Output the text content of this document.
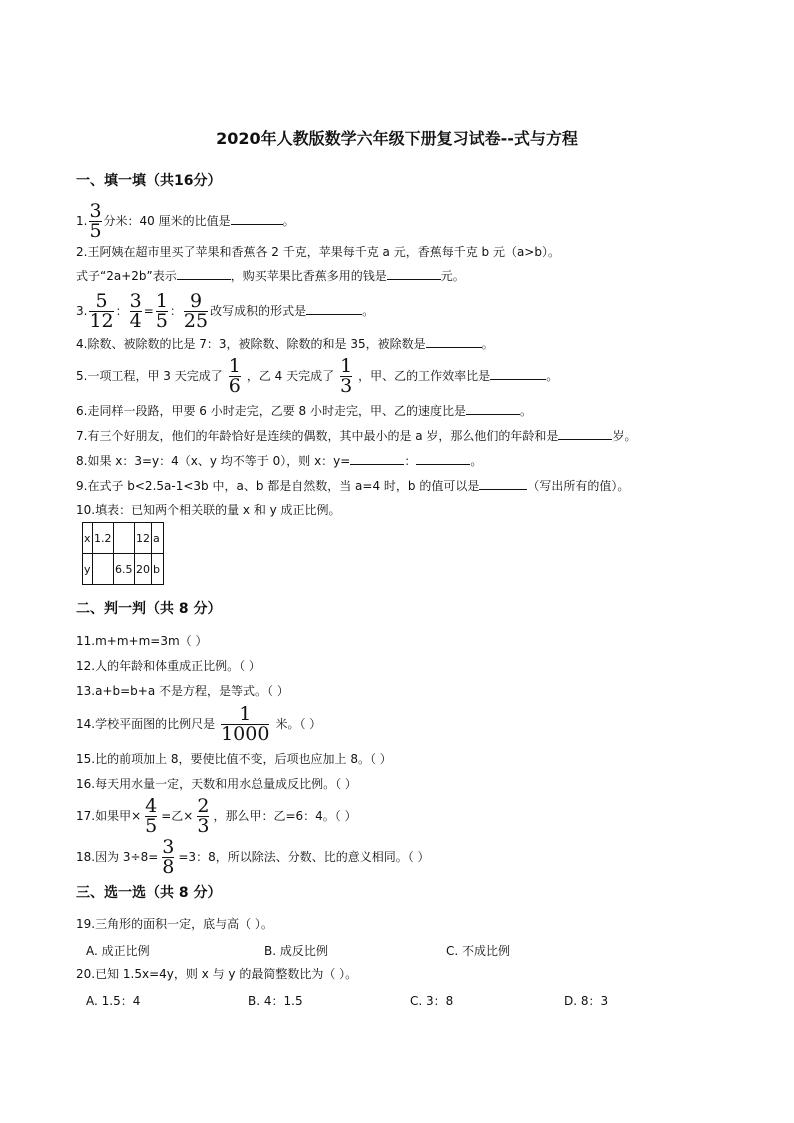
2020年人教版数学六年级下册复习试卷--式与方程
一、填一填（共16分）
1. $\frac{3}{5}$ 分米：40 厘米的比值是	。
2.王阿姨在超市里买了苹果和香蕉各 2 千克，苹果每千克 a 元，香蕉每千克 b 元（a>b）。
式子“2a+2b”表示	，购买苹果比香蕉多用的钱是	元。
3. $\frac{5}{12}$ ： $\frac{3}{4} = \frac{1}{5}$ ： $\frac{9}{25}$ 改写成积的形式是	。
4.除数、被除数的比是 7：3，被除数、除数的和是 35，被除数是	。
5.一项工程，甲 3 天完成了 $\frac{1}{6}$ ，乙 4 天完成了 $\frac{1}{3}$ ，甲、乙的工作效率比是	。
6.走同样一段路，甲要 6 小时走完，乙要 8 小时走完，甲、乙的速度比是	。
7.有三个好朋友，他们的年龄恰好是连续的偶数，其中最小的是 a 岁，那么他们的年龄和是	岁。
8.如果 x：3=y：4（x、y 均不等于 0），则 x：y=	：	。
9.在式子 b<2.5a-1<3b 中，a、b 都是自然数，当 a=4 时，b 的值可以是	（写出所有的值）。
10.填表：已知两个相关联的量 x 和 y 成正比例。
x	1.2		12	a
y		6.5	20	b
二、判一判（共 8 分）
11.m+m+m=3m（ ）
12.人的年龄和体重成正比例。（ ）
13.a+b=b+a 不是方程，是等式。（ ）
14.学校平面图的比例尺是 $\frac{1}{1000}$ 米。（ ）
15.比的前项加上 8，要使比值不变，后项也应加上 8。（ ）
16.每天用水量一定，天数和用水总量成反比例。（ ）
17.如果甲× $\frac{4}{5}$ =乙× $\frac{2}{3}$ ，那么甲：乙=6：4。（ ）
18.因为 $3\div 8= \frac{3}{8} =3$：8，所以除法、分数、比的意义相同。（ ）
三、选一选（共 8 分）
19.三角形的面积一定，底与高（ ）。
A. 成正比例	B. 成反比例	C. 不成比例
20.已知 1.5x=4y，则 x 与 y 的最简整数比为（ ）。
A. 1.5：4	B. 4：1.5	C. 3：8	D. 8：3
